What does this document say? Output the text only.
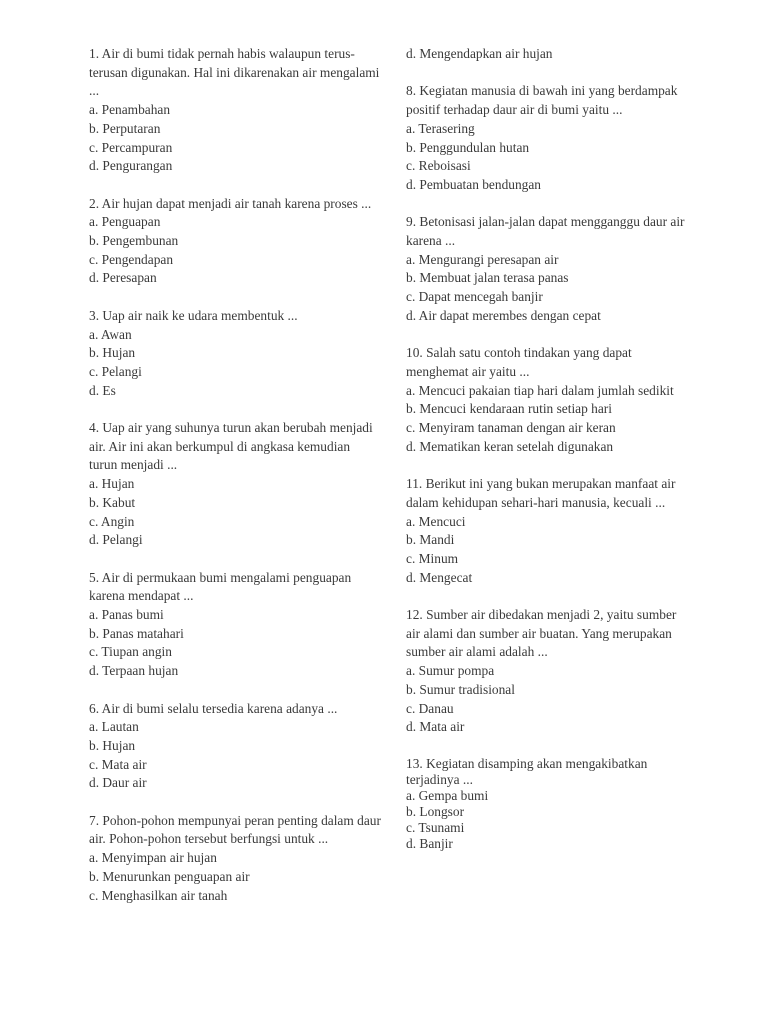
1. Air di bumi tidak pernah habis walaupun terus-terusan digunakan. Hal ini dikarenakan air mengalami ...
a. Penambahan
b. Perputaran
c. Percampuran
d. Pengurangan
2. Air hujan dapat menjadi air tanah karena proses ...
a. Penguapan
b. Pengembunan
c. Pengendapan
d. Peresapan
3. Uap air naik ke udara membentuk ...
a. Awan
b. Hujan
c. Pelangi
d. Es
4. Uap air yang suhunya turun akan berubah menjadi air. Air ini akan berkumpul di angkasa kemudian turun menjadi ...
a. Hujan
b. Kabut
c. Angin
d. Pelangi
5. Air di permukaan bumi mengalami penguapan karena mendapat ...
a. Panas bumi
b. Panas matahari
c. Tiupan angin
d. Terpaan hujan
6. Air di bumi selalu tersedia karena adanya ...
a. Lautan
b. Hujan
c. Mata air
d. Daur air
7. Pohon-pohon mempunyai peran penting dalam daur air. Pohon-pohon tersebut berfungsi untuk ...
a. Menyimpan air hujan
b. Menurunkan penguapan air
c. Menghasilkan air tanah
d. Mengendapkan air hujan
8. Kegiatan manusia di bawah ini yang berdampak positif terhadap daur air di bumi yaitu ...
a. Terasering
b. Penggundulan hutan
c. Reboisasi
d. Pembuatan bendungan
9. Betonisasi jalan-jalan dapat mengganggu daur air karena ...
a. Mengurangi peresapan air
b. Membuat jalan terasa panas
c. Dapat mencegah banjir
d. Air dapat merembes dengan cepat
10. Salah satu contoh tindakan yang dapat menghemat air yaitu ...
a. Mencuci pakaian tiap hari dalam jumlah sedikit
b. Mencuci kendaraan rutin setiap hari
c. Menyiram tanaman dengan air keran
d. Mematikan keran setelah digunakan
11. Berikut ini yang bukan merupakan manfaat air dalam kehidupan sehari-hari manusia, kecuali ...
a. Mencuci
b. Mandi
c. Minum
d. Mengecat
12. Sumber air dibedakan menjadi 2, yaitu sumber air alami dan sumber air buatan. Yang merupakan sumber air alami adalah ...
a. Sumur pompa
b. Sumur tradisional
c. Danau
d. Mata air
13. Kegiatan disamping akan mengakibatkan terjadinya ...
a. Gempa bumi
b. Longsor
c. Tsunami
d. Banjir
